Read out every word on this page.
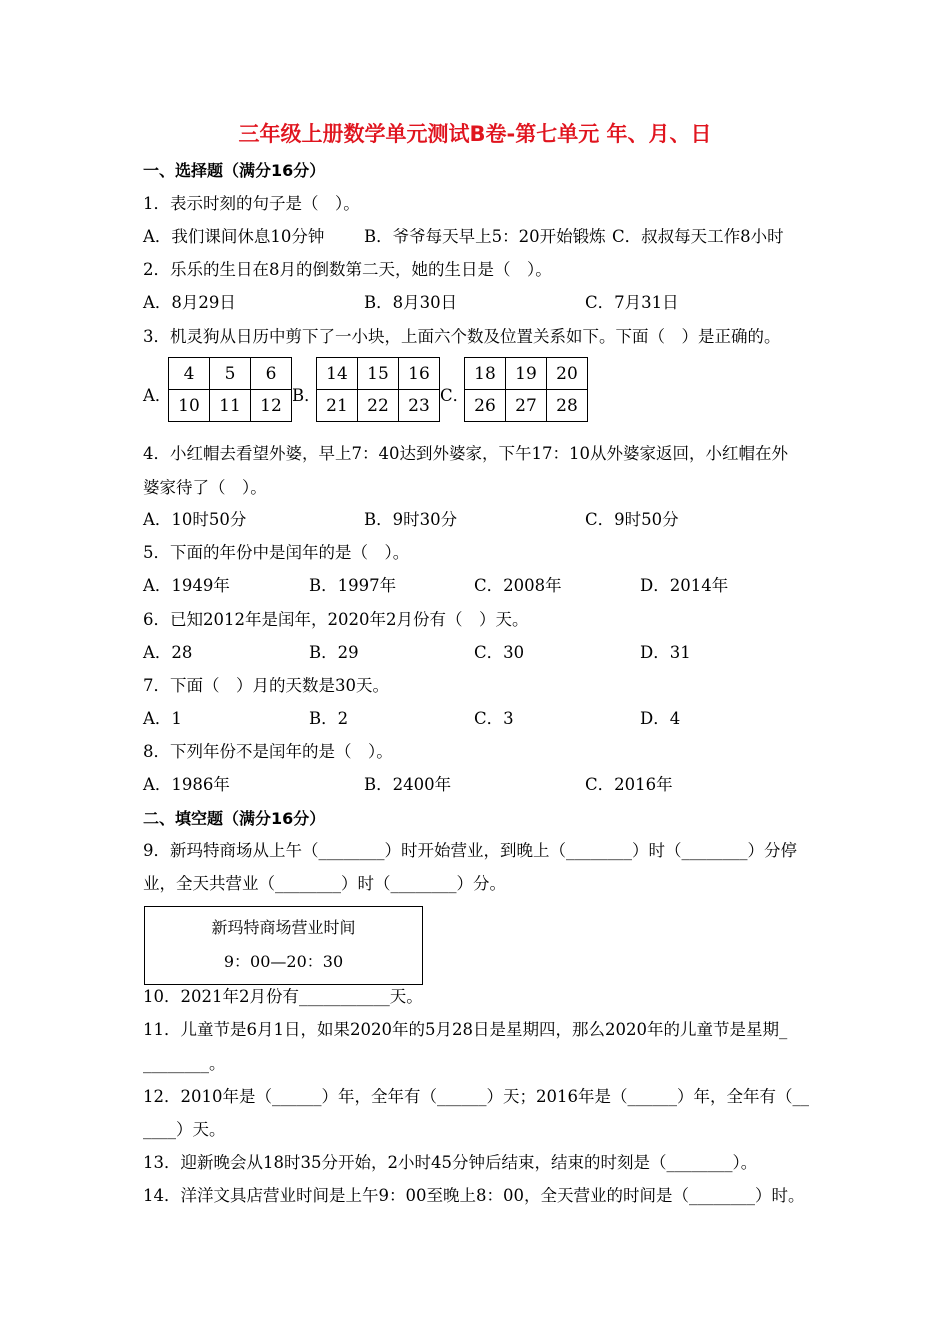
三年级上册数学单元测试B卷-第七单元 年、月、日
一、选择题（满分16分）
1．表示时刻的句子是（　）。
A．我们课间休息10分钟 B．爷爷每天早上5：20开始锻炼 C．叔叔每天工作8小时
2．乐乐的生日在8月的倒数第二天，她的生日是（　）。
A．8月29日	B．8月30日	C．7月31日
3．机灵狗从日历中剪下了一小块，上面六个数及位置关系如下。下面（　）是正确的。
A．
4	5	6
10	11	12 B．
14	15	16
21	22	23 C．
18	19	20
26	27	28
4．小红帽去看望外婆，早上7：40达到外婆家，下午17：10从外婆家返回，小红帽在外
婆家待了（　）。
A．10时50分	B．9时30分	C．9时50分
5．下面的年份中是闰年的是（　）。
A．1949年	B．1997年	C．2008年	D．2014年
6．已知2012年是闰年，2020年2月份有（　）天。
A．28	B．29	C．30	D．31
7．下面（　）月的天数是30天。
A．1	B．2	C．3	D．4
8．下列年份不是闰年的是（　）。
A．1986年	B．2400年	C．2016年
二、填空题（满分16分）
9．新玛特商场从上午（________）时开始营业，到晚上（________）时（________）分停
业，全天共营业（________）时（________）分。
新玛特商场营业时间
9：00—20：30
10．2021年2月份有___________天。
11．儿童节是6月1日，如果2020年的5月28日是星期四，那么2020年的儿童节是星期_
________。
12．2010年是（______）年，全年有（______）天；2016年是（______）年，全年有（__
____）天。
13．迎新晚会从18时35分开始，2小时45分钟后结束，结束的时刻是（________）。
14．洋洋文具店营业时间是上午9：00至晚上8：00，全天营业的时间是（________）时。
